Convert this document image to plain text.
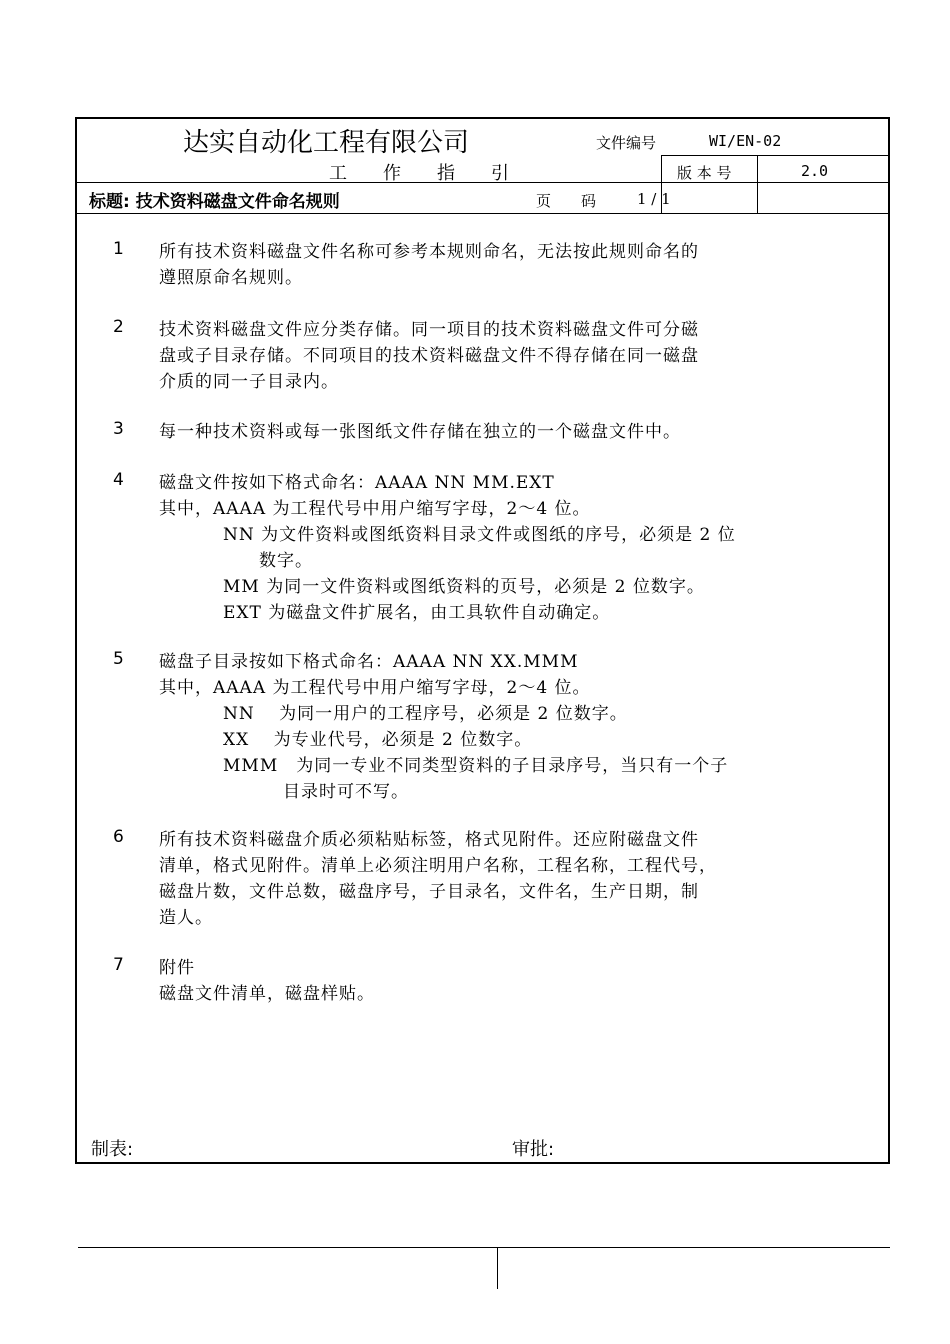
达实自动化工程有限公司	文件编号	WI/EN-02
工　　作　　指　　引	版 本 号	2.0
标题: 技术资料磁盘文件命名规则	页　　码	1 / 1
1 所有技术资料磁盘文件名称可参考本规则命名，无法按此规则命名的
遵照原命名规则。
2 技术资料磁盘文件应分类存储。同一项目的技术资料磁盘文件可分磁
盘或子目录存储。不同项目的技术资料磁盘文件不得存储在同一磁盘
介质的同一子目录内。
3 每一种技术资料或每一张图纸文件存储在独立的一个磁盘文件中。
4 磁盘文件按如下格式命名：AAAA NN MM.EXT
其中，AAAA 为工程代号中用户缩写字母，2～4 位。
NN 为文件资料或图纸资料目录文件或图纸的序号，必须是 2 位
数字。
MM 为同一文件资料或图纸资料的页号，必须是 2 位数字。
EXT 为磁盘文件扩展名，由工具软件自动确定。
5 磁盘子目录按如下格式命名：AAAA NN XX.MMM
其中，AAAA 为工程代号中用户缩写字母，2～4 位。
NN　 为同一用户的工程序号，必须是 2 位数字。
XX　 为专业代号，必须是 2 位数字。
MMM　为同一专业不同类型资料的子目录序号，当只有一个子
目录时可不写。
6 所有技术资料磁盘介质必须粘贴标签，格式见附件。还应附磁盘文件
清单，格式见附件。清单上必须注明用户名称，工程名称，工程代号，
磁盘片数，文件总数，磁盘序号，子目录名，文件名，生产日期，制
造人。
7 附件
磁盘文件清单，磁盘样贴。
制表:	审批:
